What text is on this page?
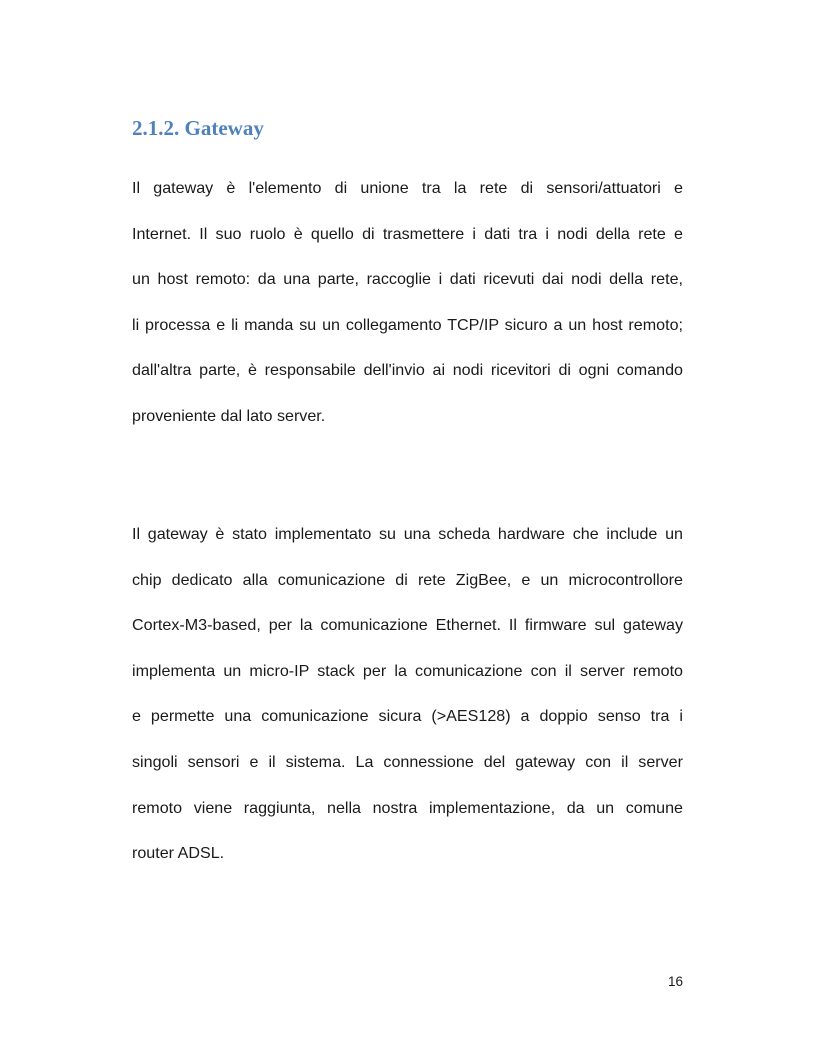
2.1.2. Gateway
Il gateway è l'elemento di unione tra la rete di sensori/attuatori e
Internet. Il suo ruolo è quello di trasmettere i dati tra i nodi della rete e
un host remoto: da una parte, raccoglie i dati ricevuti dai nodi della rete,
li processa e li manda su un collegamento TCP/IP sicuro a un host remoto;
dall'altra parte, è responsabile dell'invio ai nodi ricevitori di ogni comando
proveniente dal lato server.
Il gateway è stato implementato su una scheda hardware che include un
chip dedicato alla comunicazione di rete ZigBee, e un microcontrollore
Cortex-M3-based, per la comunicazione Ethernet. Il firmware sul gateway
implementa un micro-IP stack per la comunicazione con il server remoto
e permette una comunicazione sicura (>AES128) a doppio senso tra i
singoli sensori e il sistema. La connessione del gateway con il server
remoto viene raggiunta, nella nostra implementazione, da un comune
router ADSL.
16
